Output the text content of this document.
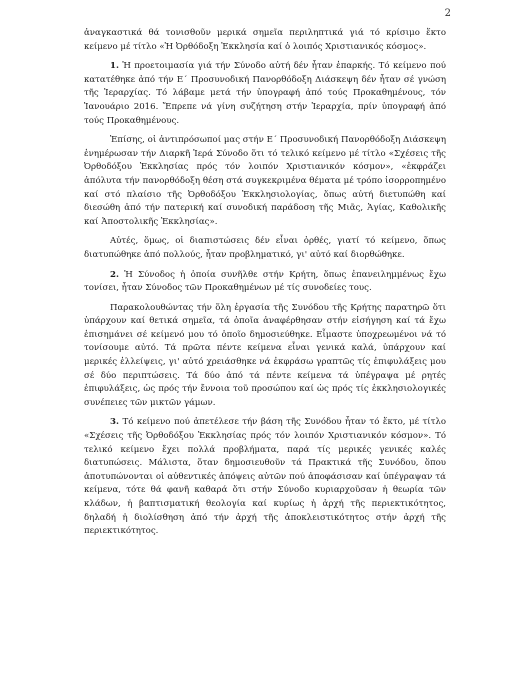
2

ἀναγκαστικά θά τονισθοῦν μερικά σημεῖα περιληπτικά γιά τό κρίσιμο ἕκτο κείμενο μέ τίτλο «Ἡ Ὀρθόδοξη Ἐκκλησία καί ὁ λοιπός Χριστιανικός κόσμος».

1. Ἡ προετοιμασία γιά τήν Σύνοδο αὐτή δέν ἦταν ἐπαρκής. Τό κείμενο πού κατατέθηκε ἀπό τήν Ε΄ Προσυνοδική Πανορθόδοξη Διάσκεψη δέν ἦταν σέ γνώση τῆς Ἱεραρχίας. Τό λάβαμε μετά τήν ὑπογραφή ἀπό τούς Προκαθημένους, τόν Ἰανουάριο 2016. Ἔπρεπε νά γίνη συζήτηση στήν Ἱεραρχία, πρίν ὑπογραφή ἀπό τούς Προκαθημένους.

Ἐπίσης, οἱ ἀντιπρόσωποί μας στήν Ε΄ Προσυνοδική Πανορθόδοξη Διάσκεψη ἐνημέρωσαν τήν Διαρκῆ Ἱερά Σύνοδο ὅτι τό τελικό κείμενο μέ τίτλο «Σχέσεις τῆς Ὀρθοδόξου Ἐκκλησίας πρός τόν λοιπόν Χριστιανικόν κόσμον», «ἐκφράζει ἀπόλυτα τήν πανορθόδοξη θέση στά συγκεκριμένα θέματα μέ τρόπο ἰσορροπημένο καί στό πλαίσιο τῆς Ὀρθοδόξου Ἐκκλησιολογίας, ὅπως αὐτή διετυπώθη καί διεσώθη ἀπό τήν πατερική καί συνοδική παράδοση τῆς Μιᾶς, Ἁγίας, Καθολικῆς καί Ἀποστολικῆς Ἐκκλησίας».

Αὐτές, ὅμως, οἱ διαπιστώσεις δέν εἶναι ὀρθές, γιατί τό κείμενο, ὅπως διατυπώθηκε ἀπό πολλούς, ἦταν προβληματικό, γι' αὐτό καί διορθώθηκε.

2. Ἡ Σύνοδος ἡ ὁποία συνῆλθε στήν Κρήτη, ὅπως ἐπανειλημμένως ἔχω τονίσει, ἦταν Σύνοδος τῶν Προκαθημένων μέ τίς συνοδείες τους.

Παρακολουθώντας τήν ὅλη ἐργασία τῆς Συνόδου τῆς Κρήτης παρατηρῶ ὅτι ὑπάρχουν καί θετικά σημεῖα, τά ὁποῖα ἀναφέρθησαν στήν εἰσήγηση καί τά ἔχω ἐπισημάνει σέ κείμενό μου τό ὁποῖο δημοσιεύθηκε. Εἶμαστε ὑποχρεωμένοι νά τό τονίσουμε αὐτό. Τά πρῶτα πέντε κείμενα εἶναι γενικά καλά, ὑπάρχουν καί μερικές ἐλλείψεις, γι' αὐτό χρειάσθηκε νά ἐκφράσω γραπτῶς τίς ἐπιφυλάξεις μου σέ δύο περιπτώσεις. Τά δύο ἀπό τά πέντε κείμενα τά ὑπέγραψα μέ ρητές ἐπιφυλάξεις, ὡς πρός τήν ἔννοια τοῦ προσώπου καί ὡς πρός τίς ἐκκλησιολογικές συνέπειες τῶν μικτῶν γάμων.

3. Τό κείμενο πού ἀπετέλεσε τήν βάση τῆς Συνόδου ἦταν τό ἕκτο, μέ τίτλο «Σχέσεις τῆς Ὀρθοδόξου Ἐκκλησίας πρός τόν λοιπόν Χριστιανικόν κόσμον». Τό τελικό κείμενο ἔχει πολλά προβλήματα, παρά τίς μερικές γενικές καλές διατυπώσεις. Μάλιστα, ὅταν δημοσιευθοῦν τά Πρακτικά τῆς Συνόδου, ὅπου ἀποτυπώνονται οἱ αὐθεντικές ἀπόψεις αὐτῶν πού ἀποφάσισαν καί ὑπέγραψαν τά κείμενα, τότε θά φανῆ καθαρά ὅτι στήν Σύνοδο κυριαρχοῦσαν ἡ θεωρία τῶν κλάδων, ἡ βαπτισματική θεολογία καί κυρίως ἡ ἀρχή τῆς περιεκτικότητος, δηλαδή ἡ διολίσθηση ἀπό τήν ἀρχή τῆς ἀποκλειστικότητος στήν ἀρχή τῆς περιεκτικότητος.
